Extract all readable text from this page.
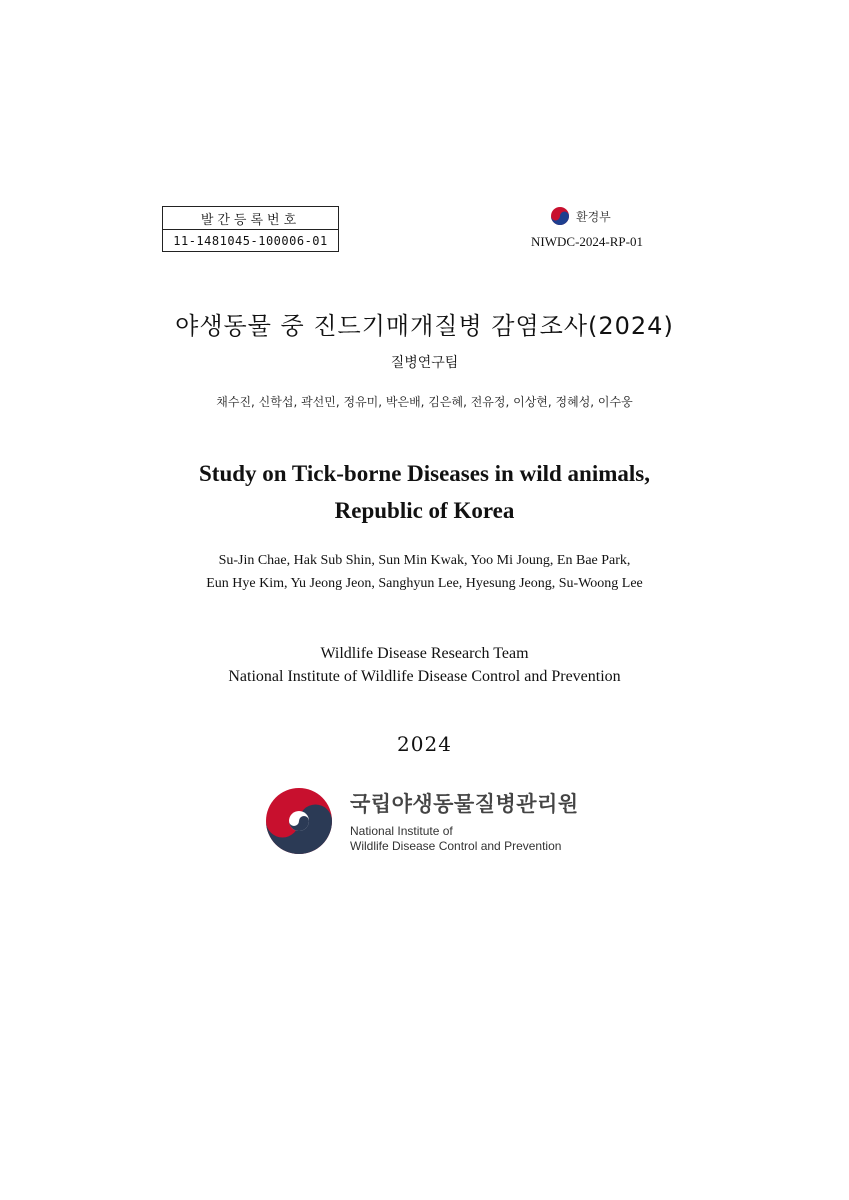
발간등록번호
11-1481045-100006-01
환경부
NIWDC-2024-RP-01
야생동물 중 진드기매개질병 감염조사(2024)
질병연구팀
채수진, 신학섭, 곽선민, 정유미, 박은배, 김은혜, 전유정, 이상현, 정혜성, 이수웅
Study on Tick-borne Diseases in wild animals,
Republic of Korea
Su-Jin Chae, Hak Sub Shin, Sun Min Kwak, Yoo Mi Joung, En Bae Park,
Eun Hye Kim, Yu Jeong Jeon, Sanghyun Lee, Hyesung Jeong, Su-Woong Lee
Wildlife Disease Research Team
National Institute of Wildlife Disease Control and Prevention
2024
국립야생동물질병관리원
National Institute of
Wildlife Disease Control and Prevention
